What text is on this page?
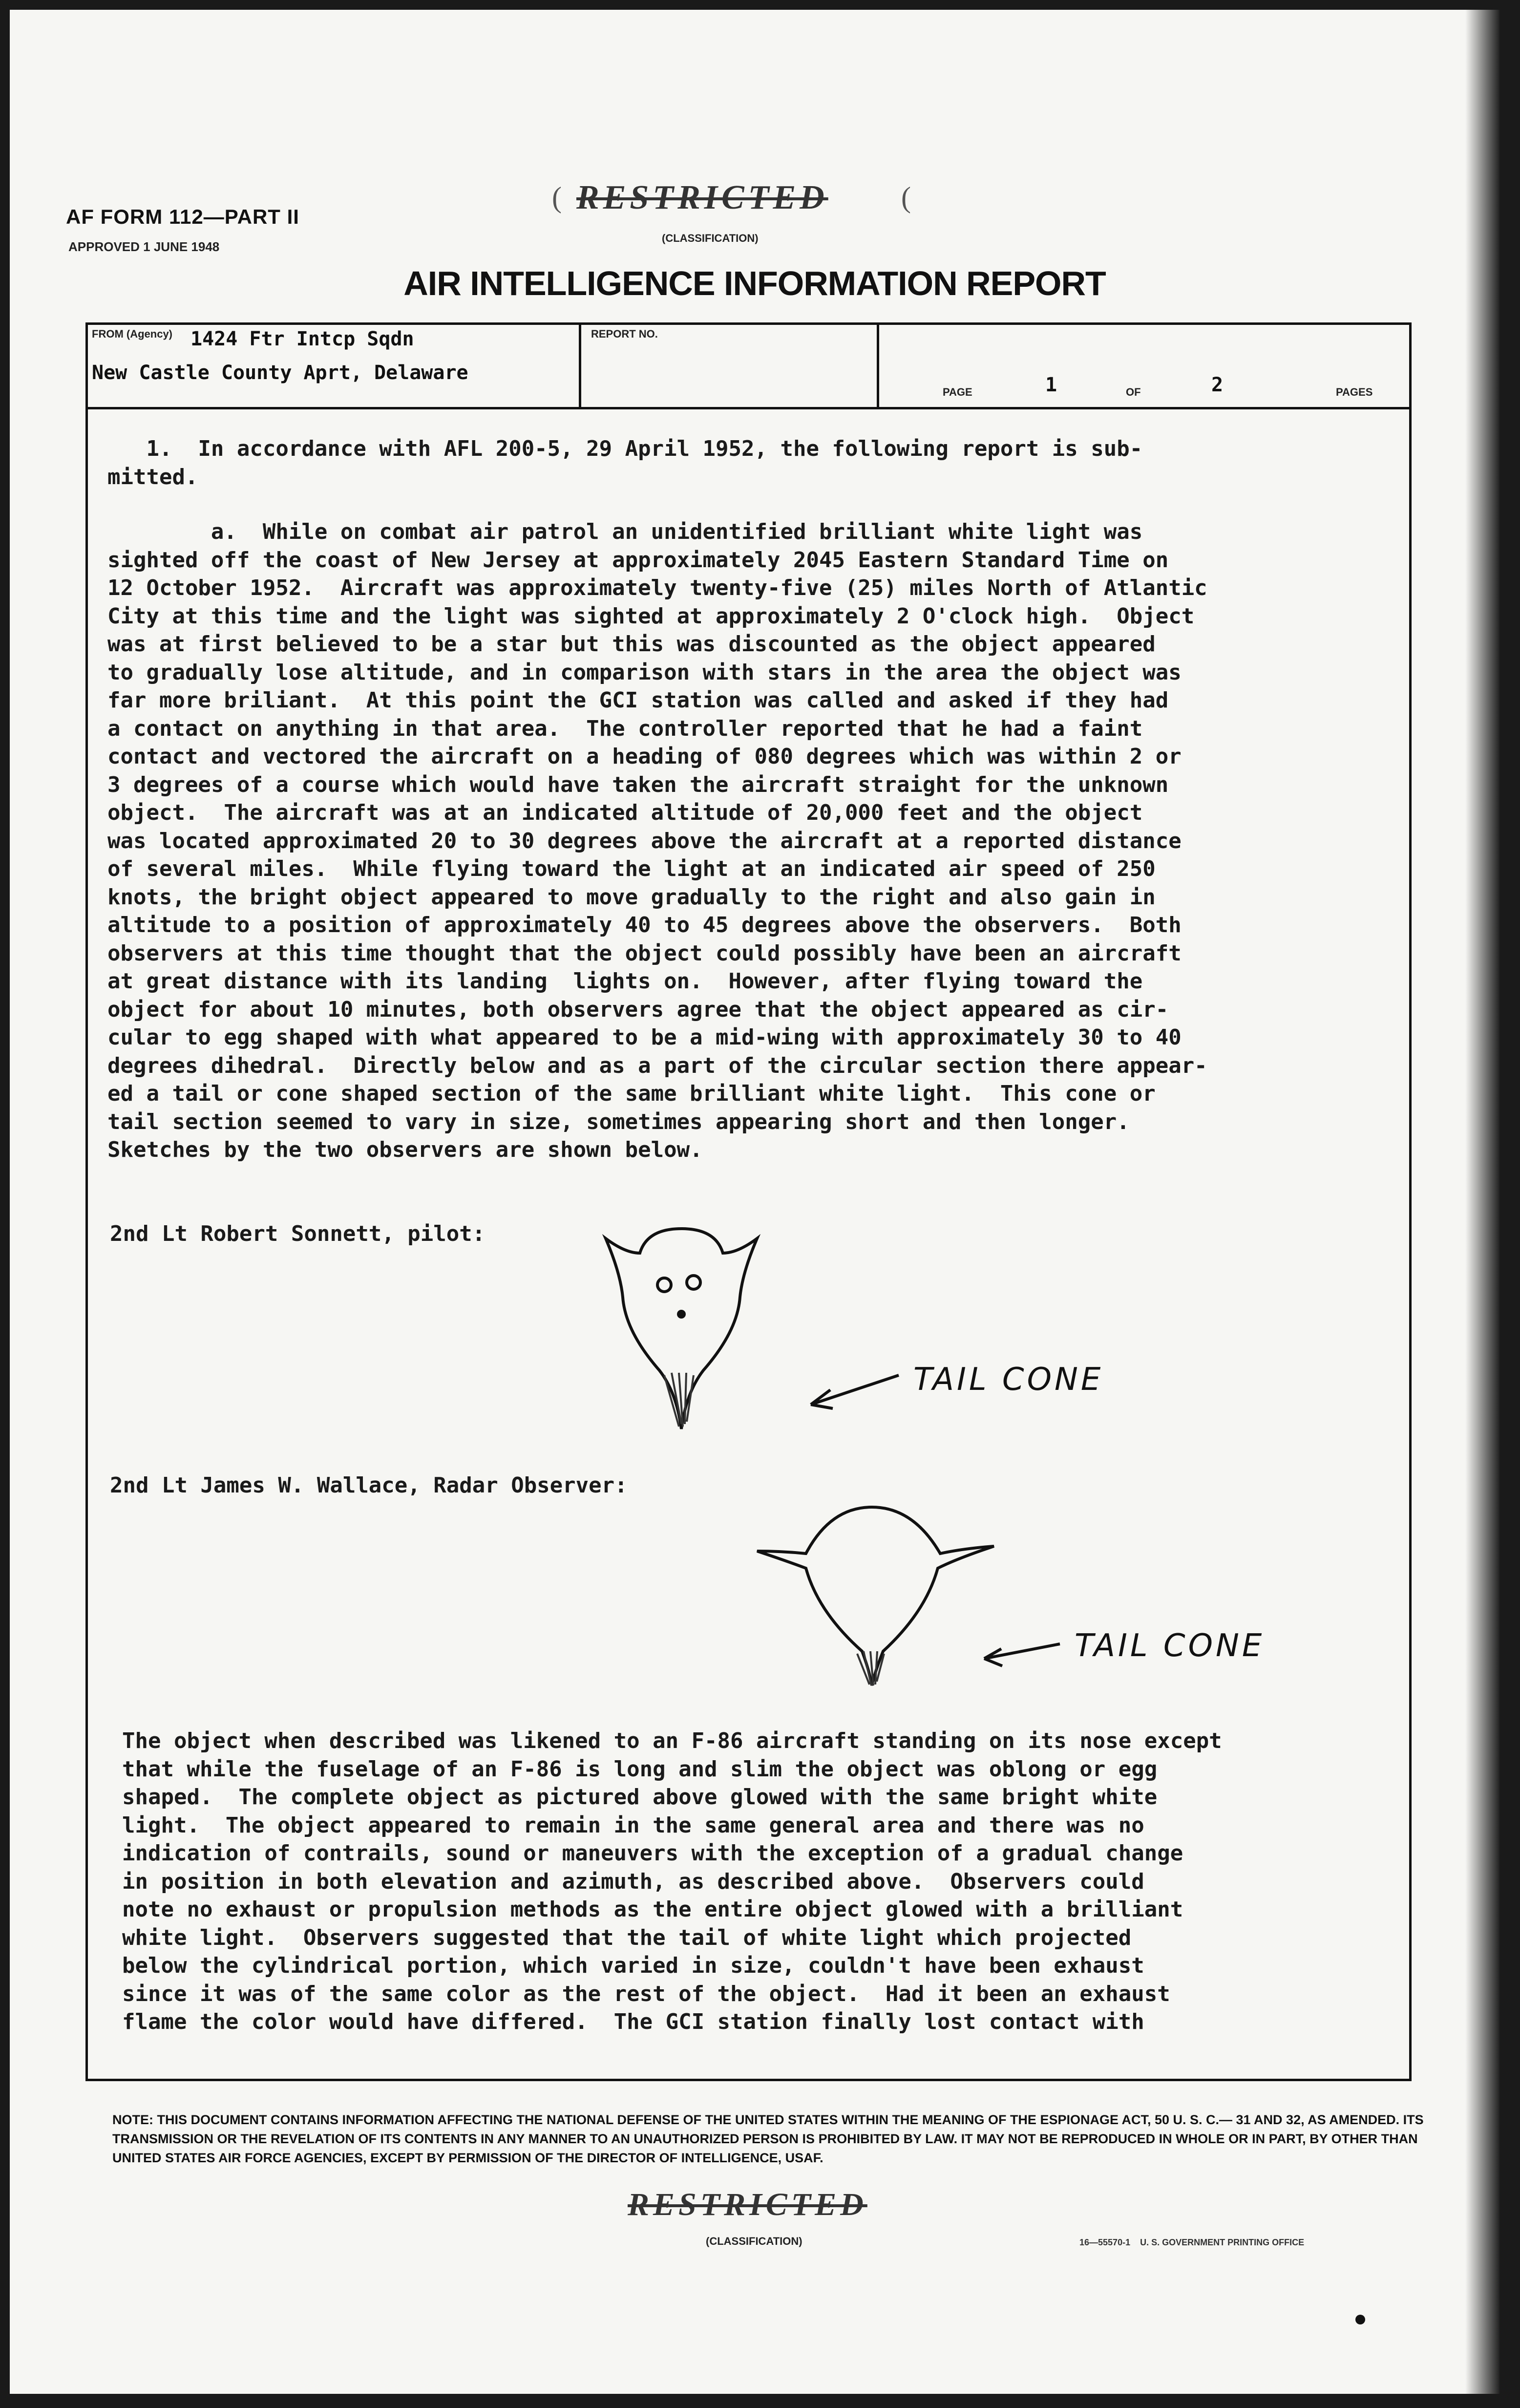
AF FORM 112—PART II
APPROVED 1 JUNE 1948
( RESTRICTED (
(CLASSIFICATION)
AIR INTELLIGENCE INFORMATION REPORT
FROM (Agency) 1424 Ftr Intcp Sqdn
New Castle County Aprt, Delaware
REPORT NO.
PAGE	1	OF	2	PAGES
1.  In accordance with AFL 200-5, 29 April 1952, the following report is sub-
mitted.
a.  While on combat air patrol an unidentified brilliant white light was
sighted off the coast of New Jersey at approximately 2045 Eastern Standard Time on
12 October 1952.  Aircraft was approximately twenty-five (25) miles North of Atlantic
City at this time and the light was sighted at approximately 2 O'clock high.  Object
was at first believed to be a star but this was discounted as the object appeared
to gradually lose altitude, and in comparison with stars in the area the object was
far more briliant.  At this point the GCI station was called and asked if they had
a contact on anything in that area.  The controller reported that he had a faint
contact and vectored the aircraft on a heading of 080 degrees which was within 2 or
3 degrees of a course which would have taken the aircraft straight for the unknown
object.  The aircraft was at an indicated altitude of 20,000 feet and the object
was located approximated 20 to 30 degrees above the aircraft at a reported distance
of several miles.  While flying toward the light at an indicated air speed of 250
knots, the bright object appeared to move gradually to the right and also gain in
altitude to a position of approximately 40 to 45 degrees above the observers.  Both
observers at this time thought that the object could possibly have been an aircraft
at great distance with its landing  lights on.  However, after flying toward the
object for about 10 minutes, both observers agree that the object appeared as cir-
cular to egg shaped with what appeared to be a mid-wing with approximately 30 to 40
degrees dihedral.  Directly below and as a part of the circular section there appear-
ed a tail or cone shaped section of the same brilliant white light.  This cone or
tail section seemed to vary in size, sometimes appearing short and then longer.
Sketches by the two observers are shown below.
2nd Lt Robert Sonnett, pilot:
TAIL CONE
2nd Lt James W. Wallace, Radar Observer:
TAIL CONE
The object when described was likened to an F-86 aircraft standing on its nose except
that while the fuselage of an F-86 is long and slim the object was oblong or egg
shaped.  The complete object as pictured above glowed with the same bright white
light.  The object appeared to remain in the same general area and there was no
indication of contrails, sound or maneuvers with the exception of a gradual change
in position in both elevation and azimuth, as described above.  Observers could
note no exhaust or propulsion methods as the entire object glowed with a brilliant
white light.  Observers suggested that the tail of white light which projected
below the cylindrical portion, which varied in size, couldn't have been exhaust
since it was of the same color as the rest of the object.  Had it been an exhaust
flame the color would have differed.  The GCI station finally lost contact with
NOTE: THIS DOCUMENT CONTAINS INFORMATION AFFECTING THE NATIONAL DEFENSE OF THE UNITED STATES WITHIN THE MEANING OF THE ESPIONAGE ACT, 50 U. S. C.— 31 AND 32, AS AMENDED. ITS TRANSMISSION OR THE REVELATION OF ITS CONTENTS IN ANY MANNER TO AN UNAUTHORIZED PERSON IS PROHIBITED BY LAW. IT MAY NOT BE REPRODUCED IN WHOLE OR IN PART, BY OTHER THAN UNITED STATES AIR FORCE AGENCIES, EXCEPT BY PERMISSION OF THE DIRECTOR OF INTELLIGENCE, USAF.
RESTRICTED
(CLASSIFICATION)	16—55570-1    U. S. GOVERNMENT PRINTING OFFICE
